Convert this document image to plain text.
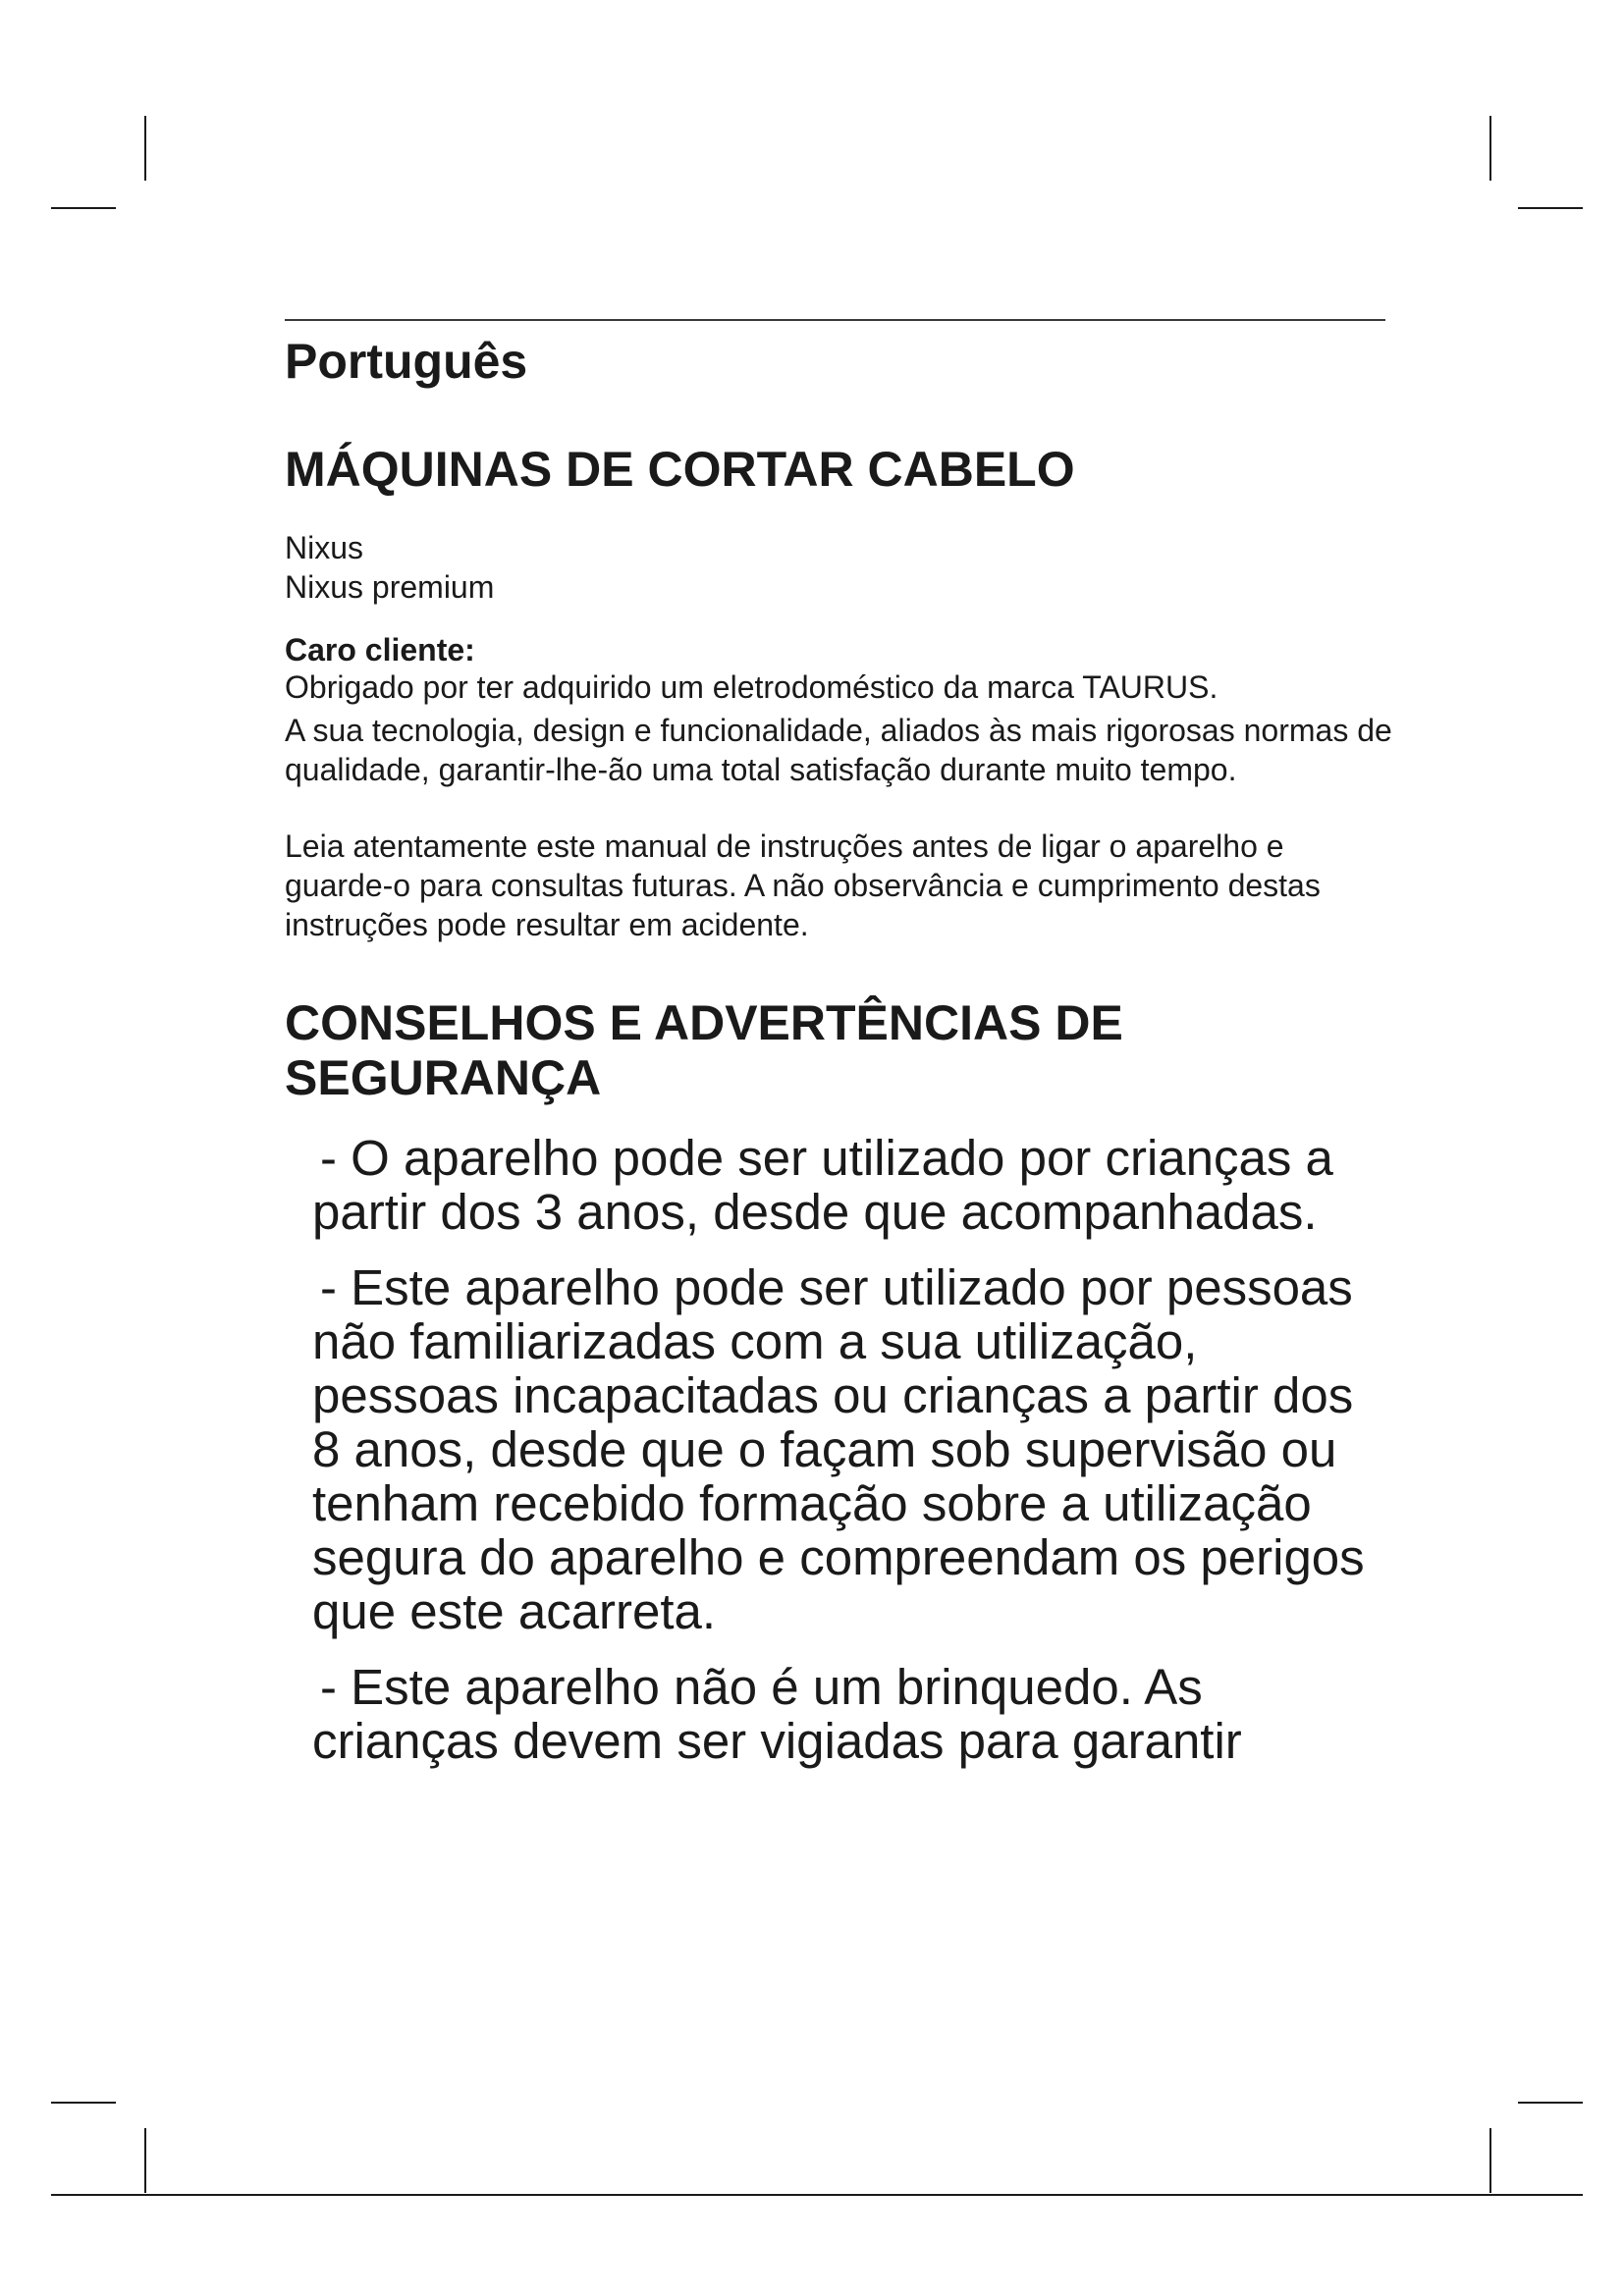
Português
MÁQUINAS DE CORTAR CABELO

Nixus

Nixus premium

Caro cliente:

Obrigado por ter adquirido um eletrodoméstico da marca TAURUS.

A sua tecnologia, design e funcionalidade, aliados às mais rigorosas normas de qualidade, garantir-lhe-ão uma total satisfação durante muito tempo.

Leia atentamente este manual de instruções antes de ligar o aparelho e guarde-o para consultas futuras. A não observância e cumprimento destas instruções pode resultar em acidente.

CONSELHOS E ADVERTÊNCIAS DE SEGURANÇA

- O aparelho pode ser utilizado por crianças a partir dos 3 anos, desde que acompanhadas.

- Este aparelho pode ser utilizado por pessoas não familiarizadas com a sua utilização, pessoas incapacitadas ou crianças a partir dos 8 anos, desde que o façam sob supervisão ou tenham recebido formação sobre a utilização segura do aparelho e compreendam os perigos que este acarreta.

- Este aparelho não é um brinquedo. As crianças devem ser vigiadas para garantir
